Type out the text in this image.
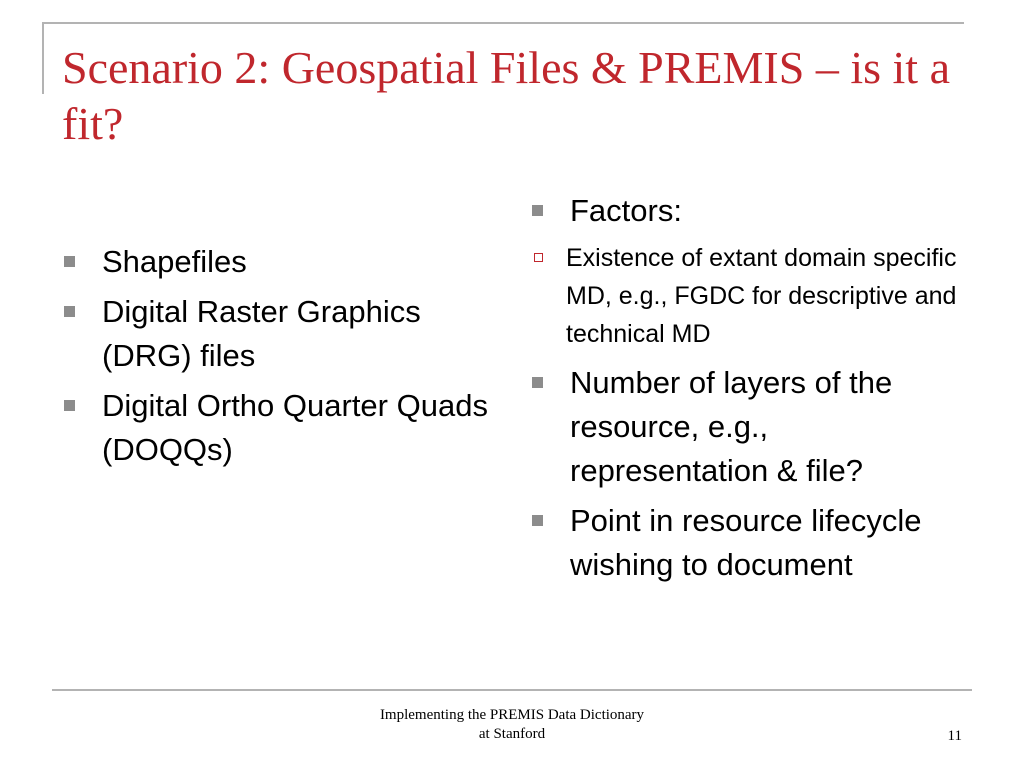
Scenario 2: Geospatial Files & PREMIS – is it a fit?
Shapefiles
Digital Raster Graphics (DRG) files
Digital Ortho Quarter Quads (DOQQs)
Factors:
Existence of extant domain specific MD, e.g., FGDC for descriptive and technical MD
Number of layers of the resource, e.g., representation & file?
Point in resource lifecycle wishing to document
Implementing the PREMIS Data Dictionary
at Stanford	11
